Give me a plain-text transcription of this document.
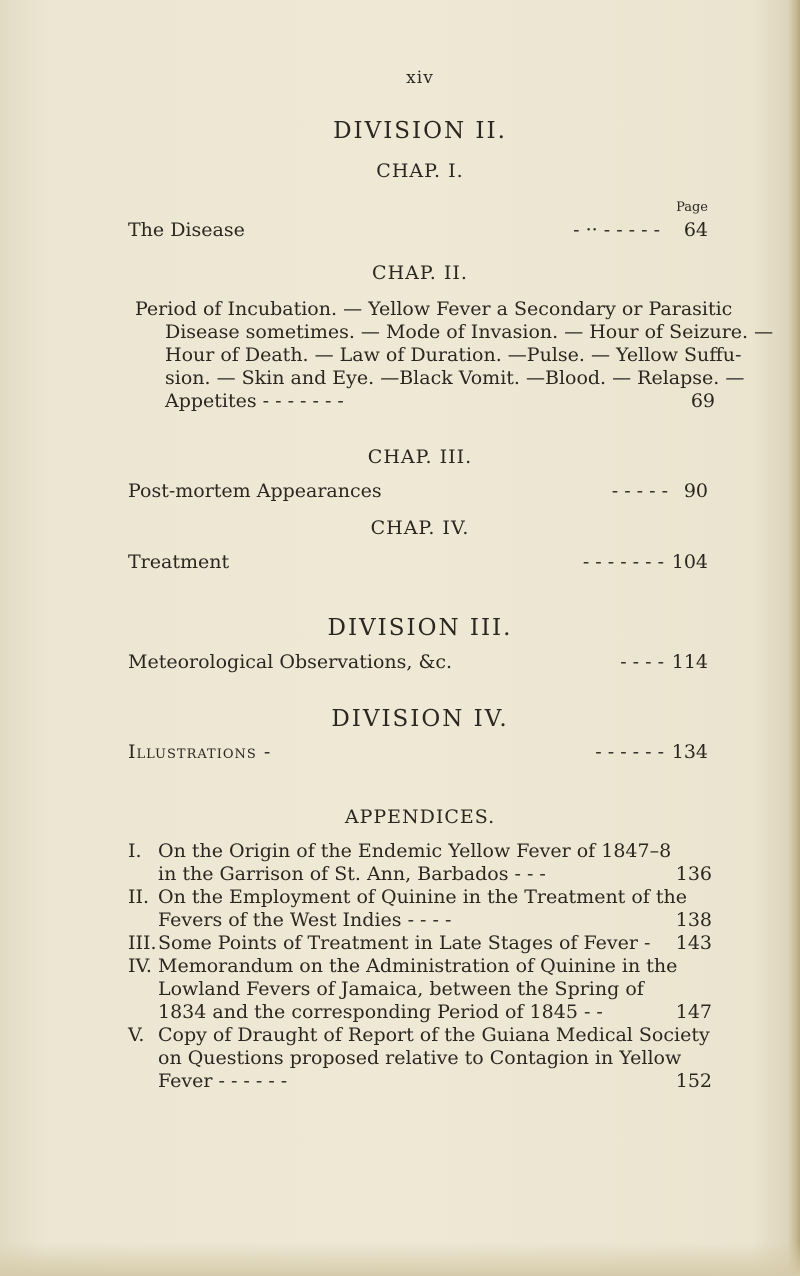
xiv
DIVISION II.
CHAP. I.
Page
The Disease	- ·· - - - - - 64
CHAP. II.
Period of Incubation. — Yellow Fever a Secondary or Parasitic
Disease sometimes. — Mode of Invasion. — Hour of Seizure. —
Hour of Death. — Law of Duration. —Pulse. — Yellow Suffu-
sion. — Skin and Eye. —Black Vomit. —Blood. — Relapse. —
Appetites - - - - - - -	69
CHAP. III.
Post-mortem Appearances	- - - - - 90
CHAP. IV.
Treatment	- - - - - - - 104
DIVISION III.
Meteorological Observations, &c.	- - - - 114
DIVISION IV.
Illustrations -	- - - - - - 134
APPENDICES.
I. On the Origin of the Endemic Yellow Fever of 1847–8
in the Garrison of St. Ann, Barbados - - -	136
II. On the Employment of Quinine in the Treatment of the
Fevers of the West Indies - - - -	138
III.Some Points of Treatment in Late Stages of Fever - 143
IV. Memorandum on the Administration of Quinine in the
Lowland Fevers of Jamaica, between the Spring of
1834 and the corresponding Period of 1845 - -	147
V. Copy of Draught of Report of the Guiana Medical Society
on Questions proposed relative to Contagion in Yellow
Fever - - - - - -	152
